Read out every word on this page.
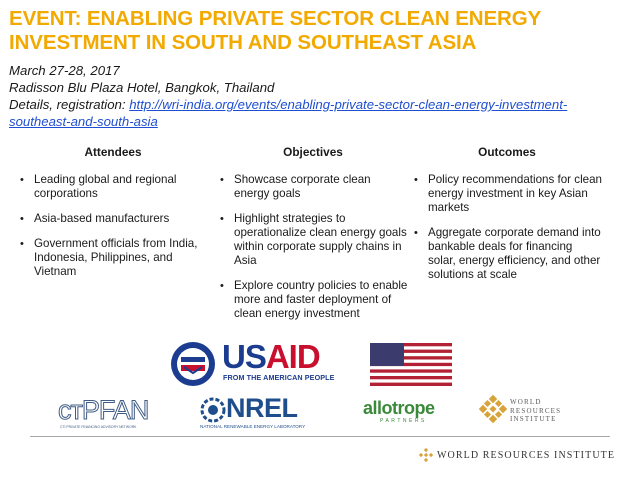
EVENT: ENABLING PRIVATE SECTOR CLEAN ENERGY
INVESTMENT IN SOUTH AND SOUTHEAST ASIA
March 27-28, 2017
Radisson Blu Plaza Hotel, Bangkok, Thailand
Details, registration: http://wri-india.org/events/enabling-private-sector-clean-energy-investment-
southeast-and-south-asia
Attendees
• Leading global and regional corporations
• Asia-based manufacturers
• Government officials from India, Indonesia, Philippines, and Vietnam
Objectives
• Showcase corporate clean energy goals
• Highlight strategies to operationalize clean energy goals within corporate supply chains in Asia
• Explore country policies to enable more and faster deployment of clean energy investment
Outcomes
• Policy recommendations for clean energy investment in key Asian markets
• Aggregate corporate demand into bankable deals for financing solar, energy efficiency, and other solutions at scale
USAID
FROM THE AMERICAN PEOPLE
ᴄᴛPFAN
CTI PRIVATE FINANCING ADVISORY NETWORK
NREL
NATIONAL RENEWABLE ENERGY LABORATORY
allotrope
PARTNERS
WORLD
RESOURCES
INSTITUTE
WORLD RESOURCES INSTITUTE
